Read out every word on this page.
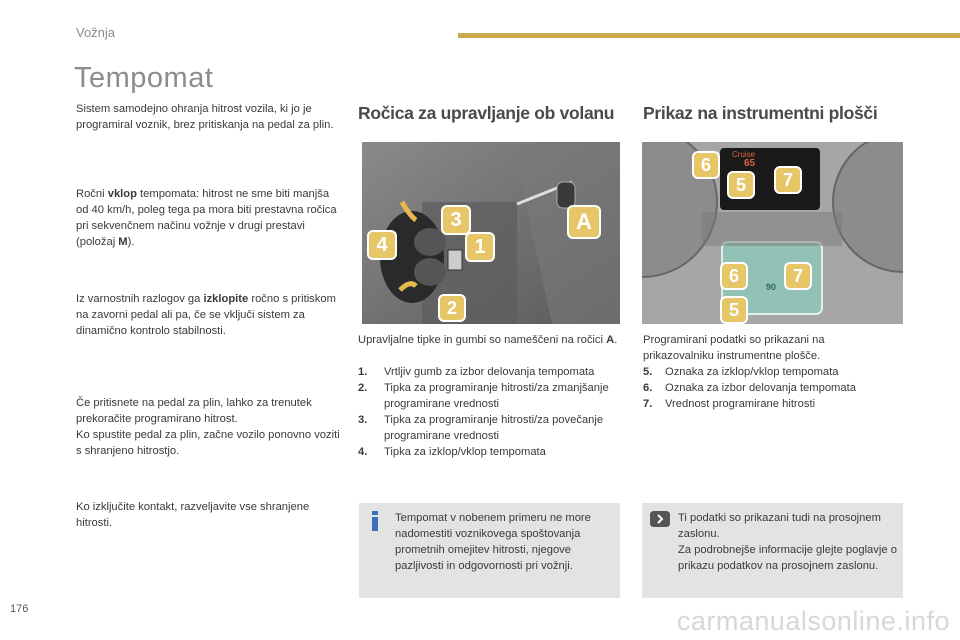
Vožnja
Tempomat
Sistem samodejno ohranja hitrost vozila, ki jo je programiral voznik, brez pritiskanja na pedal za plin.
Ročni vklop tempomata: hitrost ne sme biti manjša od 40 km/h, poleg tega pa mora biti prestavna ročica pri sekvenčnem načinu vožnje v drugi prestavi (položaj M).
Iz varnostnih razlogov ga izklopite ročno s pritiskom na zavorni pedal ali pa, če se vključi sistem za dinamično kontrolo stabilnosti.
Če pritisnete na pedal za plin, lahko za trenutek prekoračite programirano hitrost.
Ko spustite pedal za plin, začne vozilo ponovno voziti s shranjeno hitrostjo.
Ko izključite kontakt, razveljavite vse shranjene hitrosti.
Ročica za upravljanje ob volanu
A
3
1
4
2
Upravljalne tipke in gumbi so nameščeni na ročici A.
1.	Vrtljiv gumb za izbor delovanja tempomata
2.	Tipka za programiranje hitrosti/za zmanjšanje programirane vrednosti
3.	Tipka za programiranje hitrosti/za povečanje programirane vrednosti
4.	Tipka za izklop/vklop tempomata
Tempomat v nobenem primeru ne more nadomestiti voznikovega spoštovanja prometnih omejitev hitrosti, njegove pazljivosti in odgovornosti pri vožnji.
Prikaz na instrumentni plošči
Cruise
65
90
6
5	7
6	7
5
Programirani podatki so prikazani na prikazovalniku instrumentne plošče.
5.	Oznaka za izklop/vklop tempomata
6.	Oznaka za izbor delovanja tempomata
7.	Vrednost programirane hitrosti
Ti podatki so prikazani tudi na prosojnem zaslonu.
Za podrobnejše informacije glejte poglavje o prikazu podatkov na prosojnem zaslonu.
176	carmanualsonline.info
